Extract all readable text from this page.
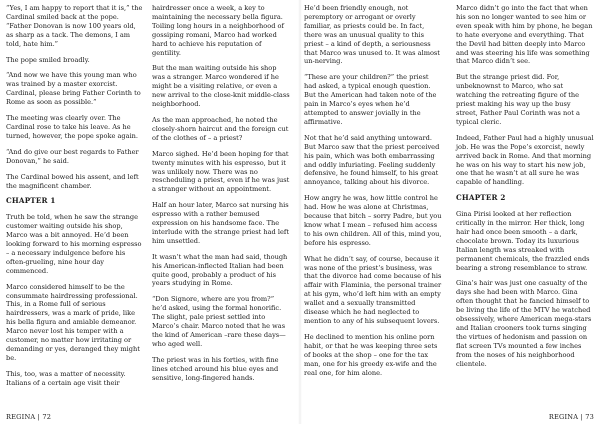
“Yes, I am happy to report that it is,” the Cardinal smiled back at the pope. “Father Donovan is now 100 years old, as sharp as a tack. The demons, I am told, hate him.”

The pope smiled broadly.

“And now we have this young man who was trained by a master exorcist. Cardinal, please bring Father Corinth to Rome as soon as possible.”

The meeting was clearly over. The Cardinal rose to take his leave. As he turned, however, the pope spoke again.

“And do give our best regards to Father Donovan,” he said.

The Cardinal bowed his assent, and left the magnificent chamber.

CHAPTER 1

Truth be told, when he saw the strange customer waiting outside his shop, Marco was a bit annoyed. He’d been looking forward to his morning espresso – a necessary indulgence before his often-grueling, nine hour day commenced.

Marco considered himself to be the consummate hairdressing professional. This, in a Rome full of serious hairdressers, was a mark of pride, like his bella figura and amiable demeanor. Marco never lost his temper with a customer, no matter how irritating or demanding or yes, deranged they might be.

This, too, was a matter of necessity. Italians of a certain age visit their

hairdresser once a week, a key to maintaining the necessary bella figura. Toiling long hours in a neighborhood of gossiping romani, Marco had worked hard to achieve his reputation of gentility.

But the man waiting outside his shop was a stranger. Marco wondered if he might be a visiting relative, or even a new arrival to the close-knit middle-class neighborhood.

As the man approached, he noted the closely-shorn haircut and the foreign cut of the clothes of – a priest?

Marco sighed. He’d been hoping for that twenty minutes with his espresso, but it was unlikely now. There was no rescheduling a priest, even if he was just a stranger without an appointment.

Half an hour later, Marco sat nursing his espresso with a rather bemused expression on his handsome face. The interlude with the strange priest had left him unsettled.

It wasn’t what the man had said, though his American-inflected Italian had been quite good, probably a product of his years studying in Rome.

“Don Signore, where are you from?” he’d asked, using the formal honorific. The slight, pale priest settled into Marco’s chair. Marco noted that he was the kind of American –rare these days—who aged well.

The priest was in his forties, with fine lines etched around his blue eyes and sensitive, long-fingered hands.

REGINA | 72

He’d been friendly enough, not peremptory or arrogant or overly familiar, as priests could be. In fact, there was an unusual quality to this priest – a kind of depth, a seriousness that Marco was unused to. It was almost un-nerving.

“These are your children?” the priest had asked, a typical enough question. But the American had taken note of the pain in Marco’s eyes when he’d attempted to answer jovially in the affirmative.

Not that he’d said anything untoward. But Marco saw that the priest perceived his pain, which was both embarrassing and oddly infuriating. Feeling suddenly defensive, he found himself, to his great annoyance, talking about his divorce.

How angry he was, how little control he had. How he was alone at Christmas, because that bitch – sorry Padre, but you know what I mean – refused him access to his own children. All of this, mind you, before his espresso.

What he didn’t say, of course, because it was none of the priest’s business, was that the divorce had come because of his affair with Flaminia, the personal trainer at his gym, who’d left him with an empty wallet and a sexually transmitted disease which he had neglected to mention to any of his subsequent lovers.

He declined to mention his online porn habit, or that he was keeping three sets of books at the shop – one for the tax man, one for his greedy ex-wife and the real one, for him alone.

Marco didn’t go into the fact that when his son no longer wanted to see him or even speak with him by phone, he began to hate everyone and everything. That the Devil had bitten deeply into Marco and was steering his life was something that Marco didn’t see.

But the strange priest did. For, unbeknownst to Marco, who sat watching the retreating figure of the priest making his way up the busy street, Father Paul Corinth was not a typical cleric.

Indeed, Father Paul had a highly unusual job. He was the Pope’s exorcist, newly arrived back in Rome. And that morning he was on his way to start his new job, one that he wasn’t at all sure he was capable of handling.

CHAPTER 2

Gina Pirisi looked at her reflection critically in the mirror. Her thick, long hair had once been smooth – a dark, chocolate brown. Today its luxurious Italian length was streaked with permanent chemicals, the frazzled ends bearing a strong resemblance to straw.

Gina’s hair was just one casualty of the days she had been with Marco. Gina often thought that he fancied himself to be living the life of the MTV he watched obsessively, where American mega-stars and Italian crooners took turns singing the virtues of hedonism and passion on flat screen TVs mounted a few inches from the noses of his neighborhood clientele.

REGINA | 73
